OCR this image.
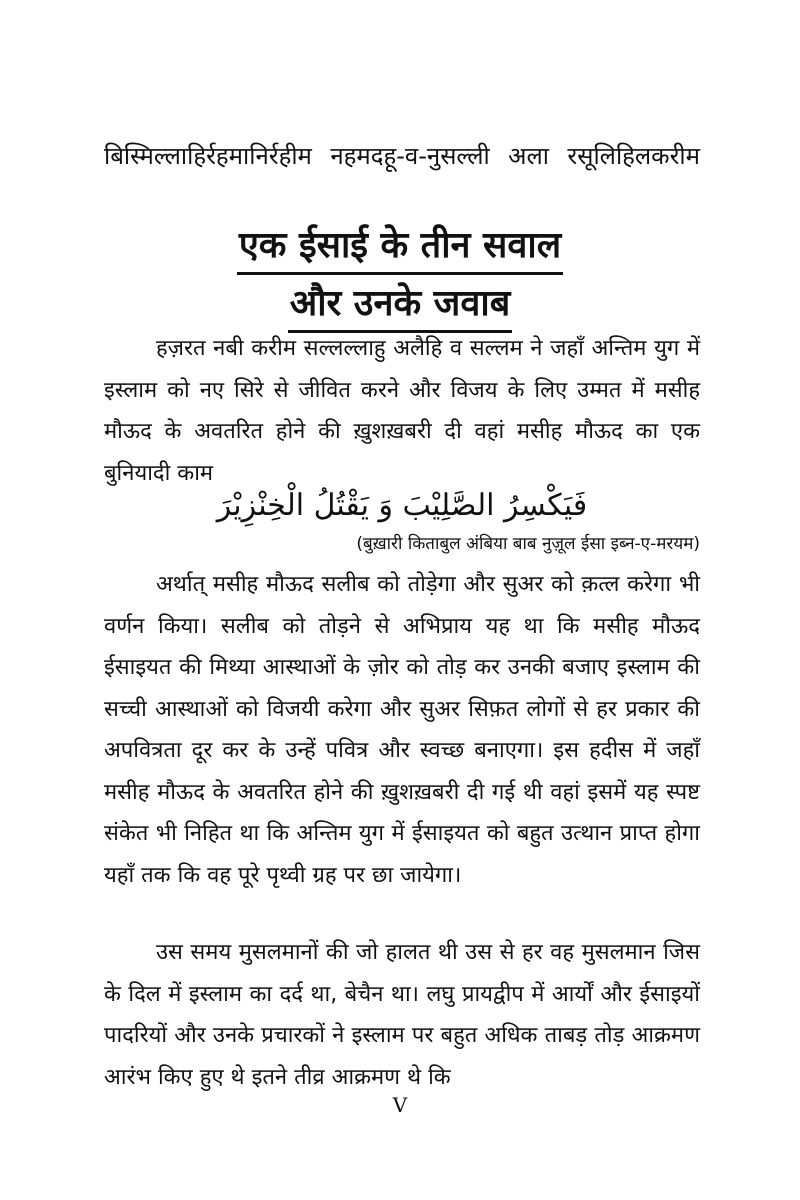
बिस्मिल्लाहिर्रहमानिर्रहीम नहमदहू-व-नुसल्ली अला रसूलिहिलकरीम
एक ईसाई के तीन सवाल
और उनके जवाब

हज़रत नबी करीम सल्लल्लाहु अलैहि व सल्लम ने जहाँ अन्तिम युग में इस्लाम को नए सिरे से जीवित करने और विजय के लिए उम्मत में मसीह मौऊद के अवतरित होने की ख़ुशख़बरी दी वहां मसीह मौऊद का एक बुनियादी काम

فَيَكْسِرُ الصَّلِيْبَ وَ يَقْتُلُ الْخِنْزِيْرَ
(बुख़ारी किताबुल अंबिया बाब नुज़ूल ईसा इब्न-ए-मरयम)

अर्थात् मसीह मौऊद सलीब को तोड़ेगा और सुअर को क़त्ल करेगा भी वर्णन किया। सलीब को तोड़ने से अभिप्राय यह था कि मसीह मौऊद ईसाइयत की मिथ्या आस्थाओं के ज़ोर को तोड़ कर उनकी बजाए इस्लाम की सच्ची आस्थाओं को विजयी करेगा और सुअर सिफ़त लोगों से हर प्रकार की अपवित्रता दूर कर के उन्हें पवित्र और स्वच्छ बनाएगा। इस हदीस में जहाँ मसीह मौऊद के अवतरित होने की ख़ुशख़बरी दी गई थी वहां इसमें यह स्पष्ट संकेत भी निहित था कि अन्तिम युग में ईसाइयत को बहुत उत्थान प्राप्त होगा यहाँ तक कि वह पूरे पृथ्वी ग्रह पर छा जायेगा।

उस समय मुसलमानों की जो हालत थी उस से हर वह मुसलमान जिस के दिल में इस्लाम का दर्द था, बेचैन था। लघु प्रायद्वीप में आर्यों और ईसाइयों पादरियों और उनके प्रचारकों ने इस्लाम पर बहुत अधिक ताबड़ तोड़ आक्रमण आरंभ किए हुए थे इतने तीव्र आक्रमण थे कि

V
